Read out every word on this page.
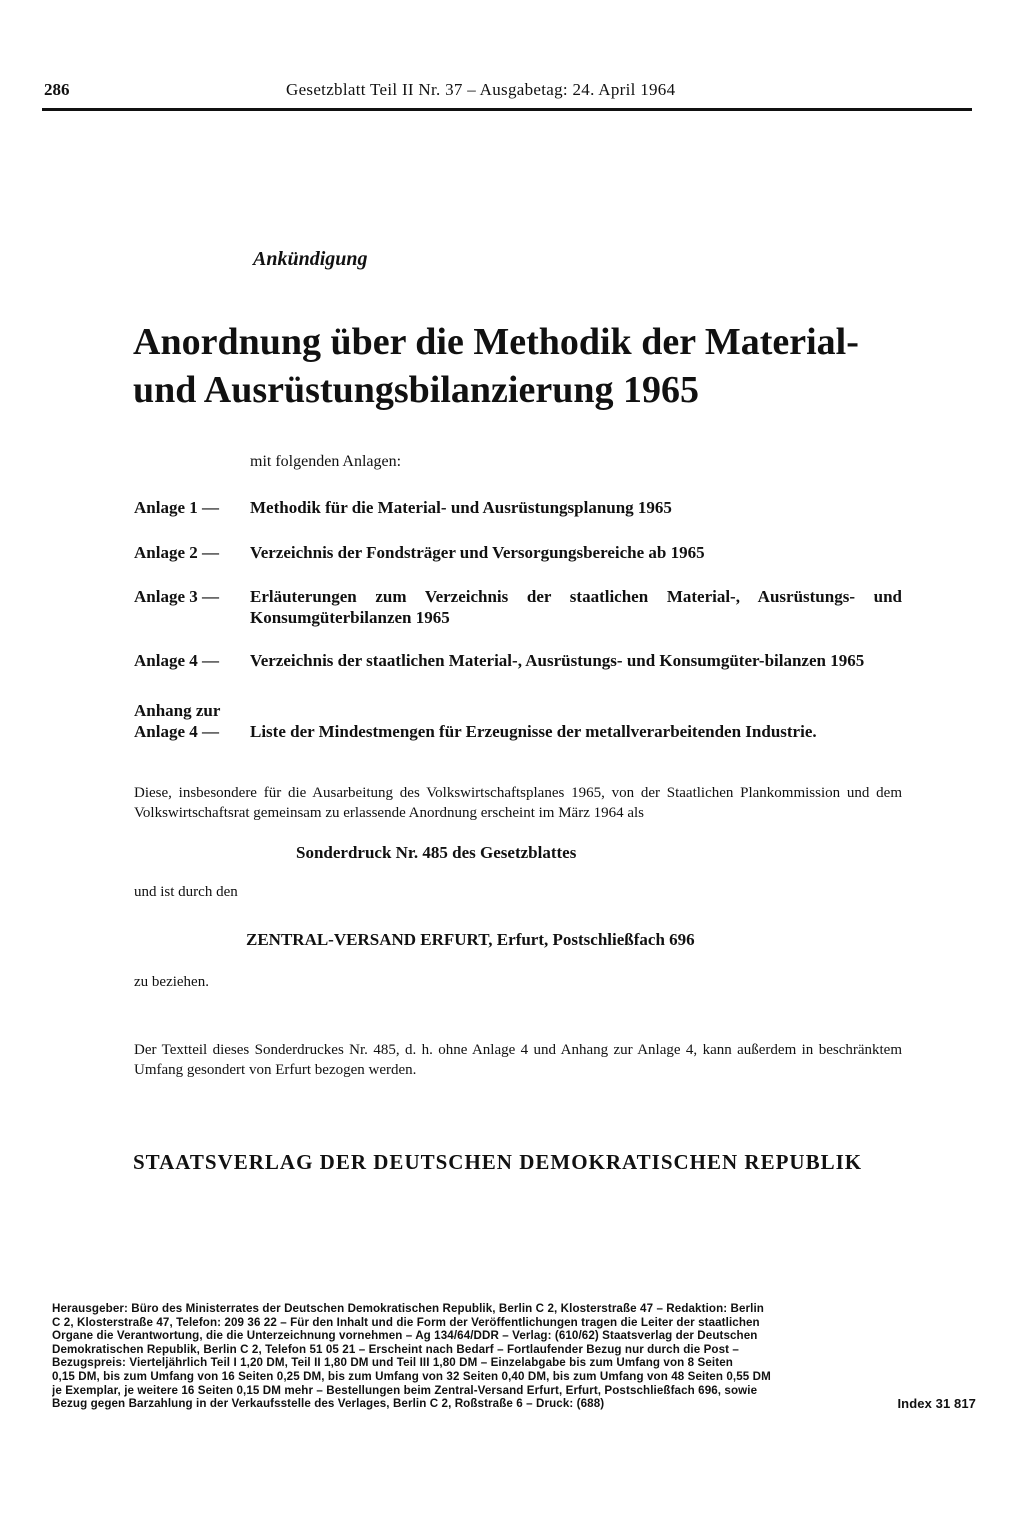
286	Gesetzblatt Teil II Nr. 37 – Ausgabetag: 24. April 1964
Ankündigung
Anordnung über die Methodik der Material-
und Ausrüstungsbilanzierung 1965
mit folgenden Anlagen:
Anlage 1 — Methodik für die Material- und Ausrüstungsplanung 1965
Anlage 2 — Verzeichnis der Fondsträger und Versorgungsbereiche ab 1965
Anlage 3 — Erläuterungen zum Verzeichnis der staatlichen Material-, Ausrüstungs- und Konsumgüterbilanzen 1965
Anlage 4 — Verzeichnis der staatlichen Material-, Ausrüstungs- und Konsumgüter-bilanzen 1965
Anhang zur
Anlage 4 — Liste der Mindestmengen für Erzeugnisse der metallverarbeitenden Industrie.
Diese, insbesondere für die Ausarbeitung des Volkswirtschaftsplanes 1965, von der Staatlichen Plankommission und dem Volkswirtschaftsrat gemeinsam zu erlassende Anordnung erscheint im März 1964 als
Sonderdruck Nr. 485 des Gesetzblattes
und ist durch den
ZENTRAL-VERSAND ERFURT, Erfurt, Postschließfach 696
zu beziehen.
Der Textteil dieses Sonderdruckes Nr. 485, d. h. ohne Anlage 4 und Anhang zur Anlage 4, kann außerdem in beschränktem Umfang gesondert von Erfurt bezogen werden.
STAATSVERLAG DER DEUTSCHEN DEMOKRATISCHEN REPUBLIK
Herausgeber: Büro des Ministerrates der Deutschen Demokratischen Republik, Berlin C 2, Klosterstraße 47 – Redaktion: Berlin
C 2, Klosterstraße 47, Telefon: 209 36 22 – Für den Inhalt und die Form der Veröffentlichungen tragen die Leiter der staatlichen
Organe die Verantwortung, die die Unterzeichnung vornehmen – Ag 134/64/DDR – Verlag: (610/62) Staatsverlag der Deutschen
Demokratischen Republik, Berlin C 2, Telefon 51 05 21 – Erscheint nach Bedarf – Fortlaufender Bezug nur durch die Post –
Bezugspreis: Vierteljährlich Teil I 1,20 DM, Teil II 1,80 DM und Teil III 1,80 DM – Einzelabgabe bis zum Umfang von 8 Seiten
0,15 DM, bis zum Umfang von 16 Seiten 0,25 DM, bis zum Umfang von 32 Seiten 0,40 DM, bis zum Umfang von 48 Seiten 0,55 DM
je Exemplar, je weitere 16 Seiten 0,15 DM mehr – Bestellungen beim Zentral-Versand Erfurt, Erfurt, Postschließfach 696, sowie
Bezug gegen Barzahlung in der Verkaufsstelle des Verlages, Berlin C 2, Roßstraße 6 – Druck: (688)	Index 31 817
